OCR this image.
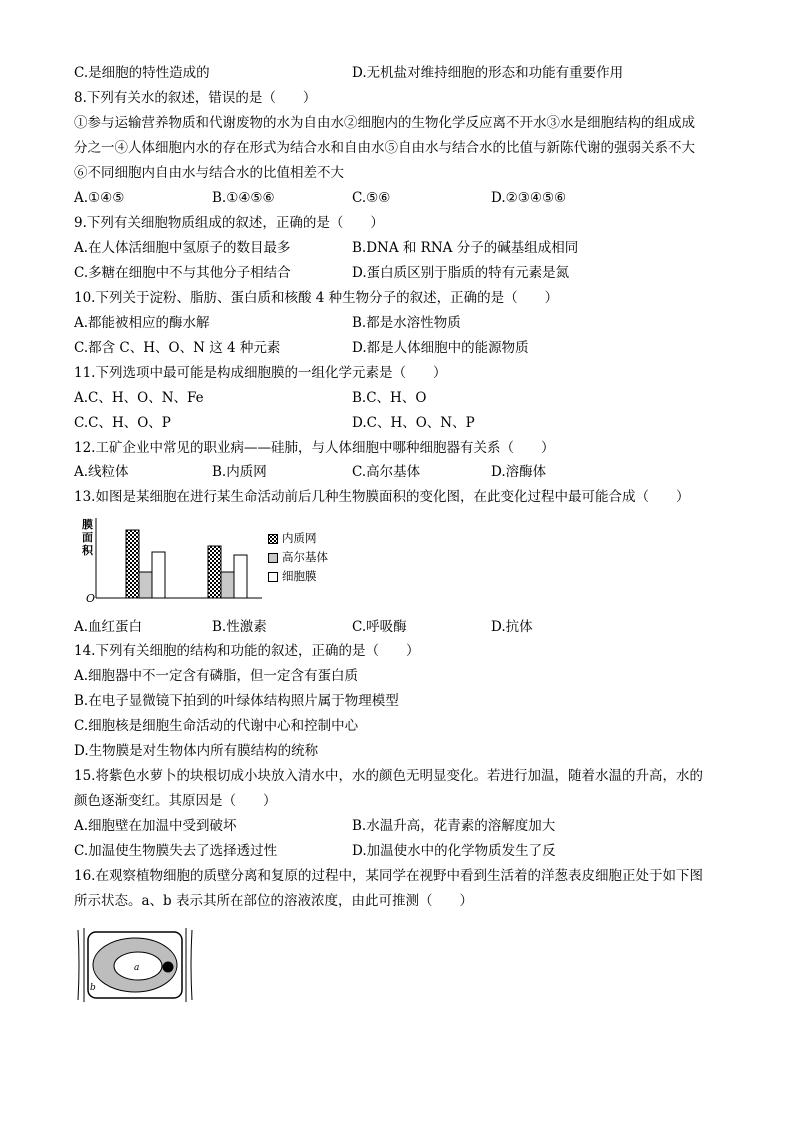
C.是细胞的特性造成的	D.无机盐对维持细胞的形态和功能有重要作用
8.下列有关水的叙述，错误的是（　　）
①参与运输营养物质和代谢废物的水为自由水②细胞内的生物化学反应离不开水③水是细胞结构的组成成
分之一④人体细胞内水的存在形式为结合水和自由水⑤自由水与结合水的比值与新陈代谢的强弱关系不大
⑥不同细胞内自由水与结合水的比值相差不大
A.①④⑤	B.①④⑤⑥	C.⑤⑥	D.②③④⑤⑥
9.下列有关细胞物质组成的叙述，正确的是（　　）
A.在人体活细胞中氢原子的数目最多	B.DNA 和 RNA 分子的碱基组成相同
C.多糖在细胞中不与其他分子相结合	D.蛋白质区别于脂质的特有元素是氮
10.下列关于淀粉、脂肪、蛋白质和核酸 4 种生物分子的叙述，正确的是（　　）
A.都能被相应的酶水解	B.都是水溶性物质
C.都含 C、H、O、N 这 4 种元素	D.都是人体细胞中的能源物质
11.下列选项中最可能是构成细胞膜的一组化学元素是（　　）
A.C、H、O、N、Fe	B.C、H、O
C.C、H、O、P	D.C、H、O、N、P
12.工矿企业中常见的职业病——硅肺，与人体细胞中哪种细胞器有关系（　　）
A.线粒体	B.内质网	C.高尔基体	D.溶酶体
13.如图是某细胞在进行某生命活动前后几种生物膜面积的变化图，在此变化过程中最可能合成（　　）
膜
面
积
O
内质网
高尔基体
细胞膜
A.血红蛋白	B.性激素	C.呼吸酶	D.抗体
14.下列有关细胞的结构和功能的叙述，正确的是（　　）
A.细胞器中不一定含有磷脂，但一定含有蛋白质
B.在电子显微镜下拍到的叶绿体结构照片属于物理模型
C.细胞核是细胞生命活动的代谢中心和控制中心
D.生物膜是对生物体内所有膜结构的统称
15.将紫色水萝卜的块根切成小块放入清水中，水的颜色无明显变化。若进行加温，随着水温的升高，水的
颜色逐渐变红。其原因是（　　）
A.细胞壁在加温中受到破坏	B.水温升高，花青素的溶解度加大
C.加温使生物膜失去了选择透过性	D.加温使水中的化学物质发生了反
16.在观察植物细胞的质壁分离和复原的过程中，某同学在视野中看到生活着的洋葱表皮细胞正处于如下图
所示状态。a、b 表示其所在部位的溶液浓度，由此可推测（　　）
a
b
